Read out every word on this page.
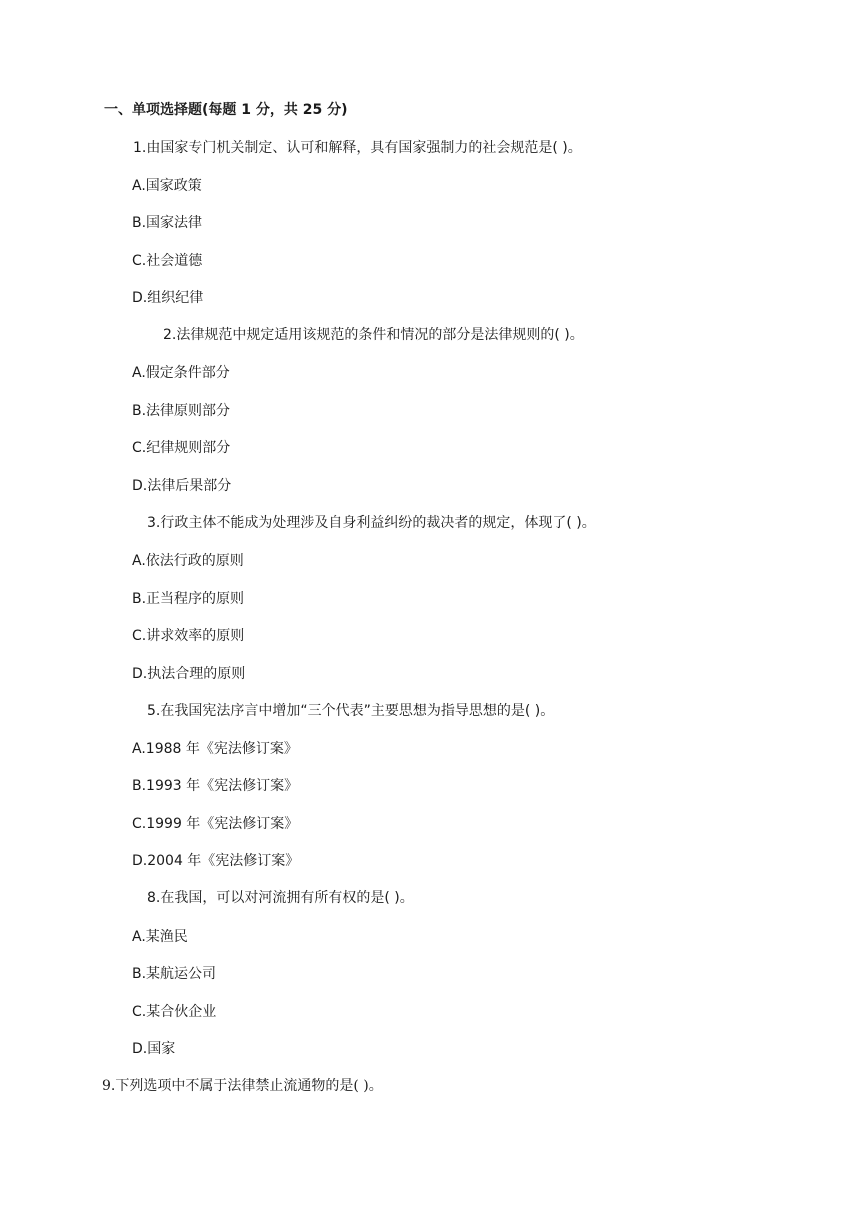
一、单项选择题(每题 1 分，共 25 分)
1.由国家专门机关制定、认可和解释，具有国家强制力的社会规范是( )。
A.国家政策
B.国家法律
C.社会道德
D.组织纪律
2.法律规范中规定适用该规范的条件和情况的部分是法律规则的( )。
A.假定条件部分
B.法律原则部分
C.纪律规则部分
D.法律后果部分
3.行政主体不能成为处理涉及自身利益纠纷的裁决者的规定，体现了( )。
A.依法行政的原则
B.正当程序的原则
C.讲求效率的原则
D.执法合理的原则
5.在我国宪法序言中增加“三个代表”主要思想为指导思想的是( )。
A.1988 年《宪法修订案》
B.1993 年《宪法修订案》
C.1999 年《宪法修订案》
D.2004 年《宪法修订案》
8.在我国，可以对河流拥有所有权的是( )。
A.某渔民
B.某航运公司
C.某合伙企业
D.国家
9.下列选项中不属于法律禁止流通物的是( )。
